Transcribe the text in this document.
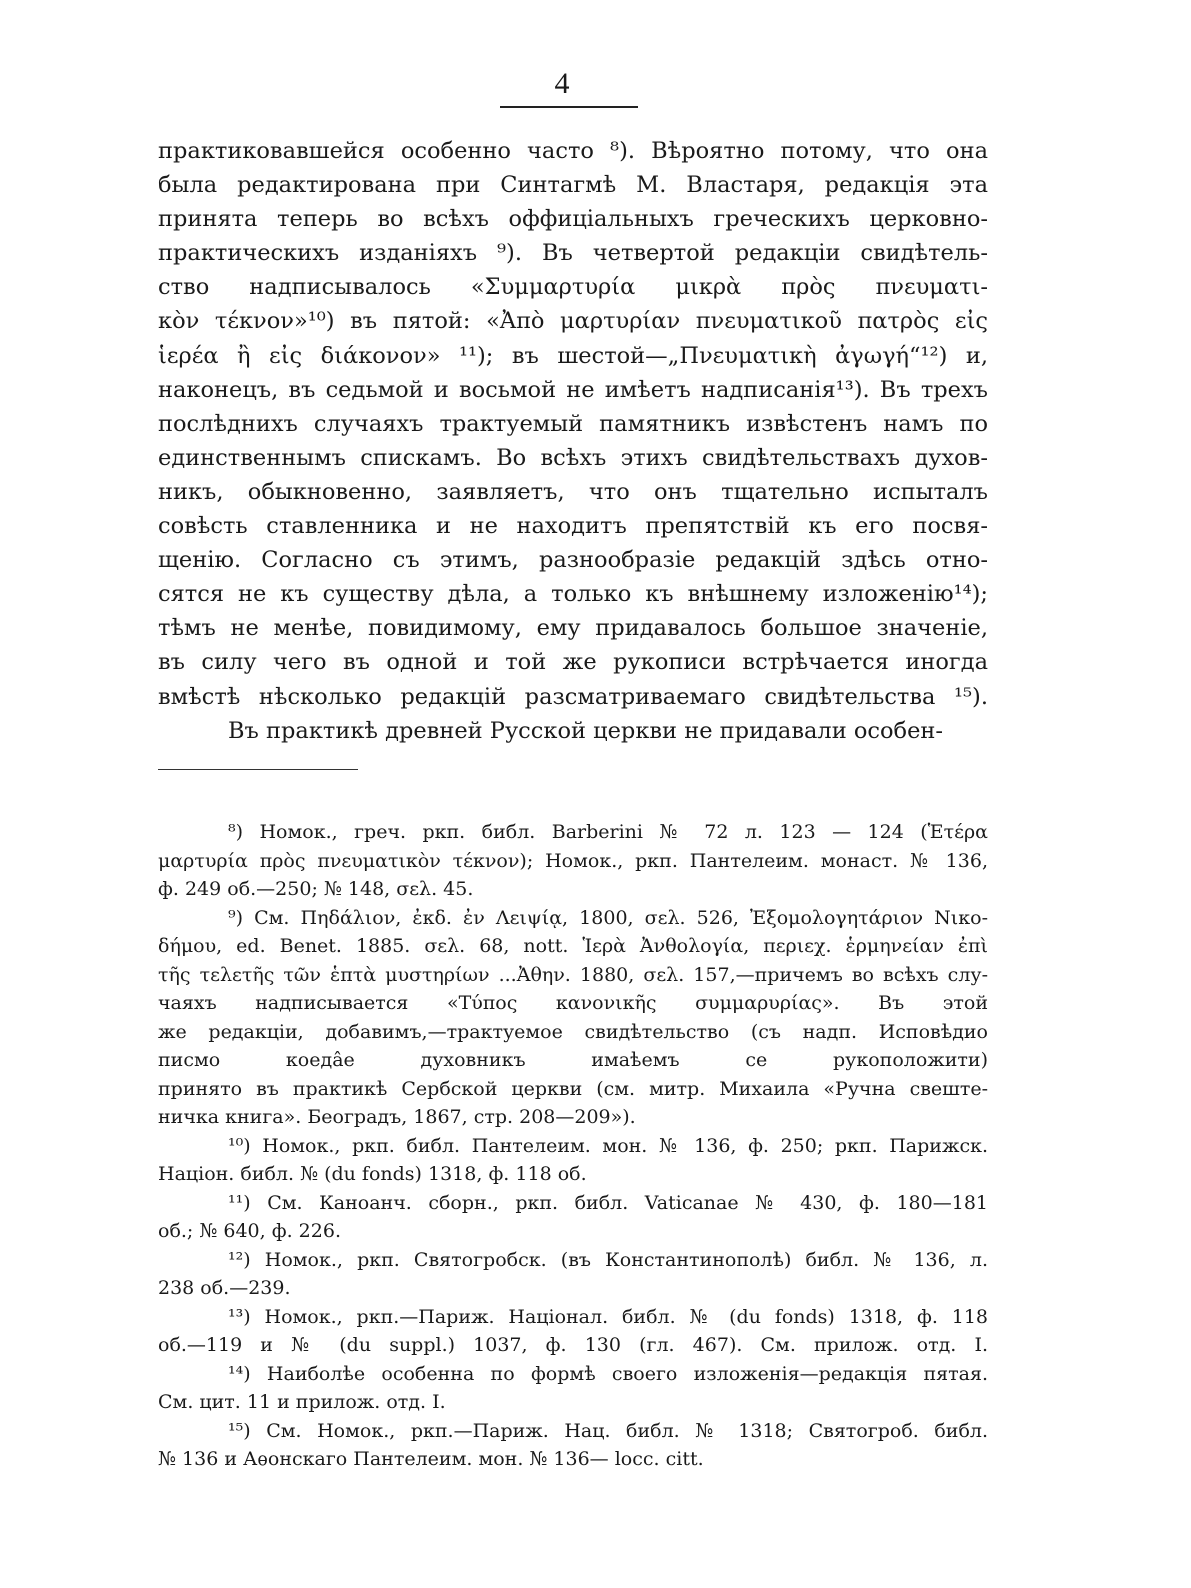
4
практиковавшейся особенно часто ⁸). Вѣроятно потому, что она
была редактирована при Синтагмѣ М. Властаря, редакція эта
принята теперь во всѣхъ оффиціальныхъ греческихъ церковно-
практическихъ изданіяхъ ⁹). Въ четвертой редакціи свидѣтель-
ство надписывалось «Συμμαρτυρία μικρὰ πρὸς πνευματι-
κὸν τέκνον»¹⁰) въ пятой: «Ἀπὸ μαρτυρίαν πνευματικοῦ πατρὸς εἰς
ἱερέα ἢ εἰς διάκονον» ¹¹); въ шестой—„Πνευματικὴ ἀγωγή“¹²) и,
наконецъ, въ седьмой и восьмой не имѣетъ надписанія¹³). Въ трехъ
послѣднихъ случаяхъ трактуемый памятникъ извѣстенъ намъ по
единственнымъ спискамъ. Во всѣхъ этихъ свидѣтельствахъ духов-
никъ, обыкновенно, заявляетъ, что онъ тщательно испыталъ
совѣсть ставленника и не находитъ препятствій къ его посвя-
щенію. Согласно съ этимъ, разнообразіе редакцій здѣсь отно-
сятся не къ существу дѣла, а только къ внѣшнему изложенію¹⁴);
тѣмъ не менѣе, повидимому, ему придавалось большое значеніе,
въ силу чего въ одной и той же рукописи встрѣчается иногда
вмѣстѣ нѣсколько редакцій разсматриваемаго свидѣтельства ¹⁵).
Въ практикѣ древней Русской церкви не придавали особен-
⁸) Номок., греч. ркп. библ. Barberini № 72 л. 123 — 124 (Ἑτέρα
μαρτυρία πρὸς πνευματικὸν τέκνον); Номок., ркп. Пантелеим. монаст. № 136,
ф. 249 об.—250; № 148, σελ. 45.
⁹) См. Πηδάλιον, ἐκδ. ἐν Λειψίᾳ, 1800, σελ. 526, Ἐξομολογητάριον Νικο-
δήμου, ed. Benet. 1885. σελ. 68, nott. Ἱερὰ Ἀνθολογία, περιεχ. ἑρμηνείαν ἐπὶ
τῆς τελετῆς τῶν ἑπτὰ μυστηρίων ...Ἀθην. 1880, σελ. 157,—причемъ во всѣхъ слу-
чаяхъ надписывается «Τύπος κανονικῆς συμμαρυρίας». Въ этой
же редакціи, добавимъ,—трактуемое свидѣтельство (съ надп. Исповѣдио
писмо коеда̂е духовникъ имаѣемъ се рукоположити)
принято въ практикѣ Сербской церкви (см. митр. Михаила «Ручна свеште-
ничка книга». Београдъ, 1867, стр. 208—209»).
¹⁰) Номок., ркп. библ. Пантелеим. мон. № 136, ф. 250; ркп. Парижск.
Націон. библ. № (du fonds) 1318, ф. 118 об.
¹¹) См. Каноанч. сборн., ркп. библ. Vaticanae № 430, ф. 180—181
об.; № 640, ф. 226.
¹²) Номок., ркп. Святогробск. (въ Константинополѣ) библ. № 136, л.
238 об.—239.
¹³) Номок., ркп.—Париж. Націонал. библ. № (du fonds) 1318, ф. 118
об.—119 и № (du suppl.) 1037, ф. 130 (гл. 467). См. прилож. отд. I.
¹⁴) Наиболѣе особенна по формѣ своего изложенія—редакція пятая.
См. цит. 11 и прилож. отд. I.
¹⁵) См. Номок., ркп.—Париж. Нац. библ. № 1318; Святогроб. библ.
№ 136 и Аѳонскаго Пантелеим. мон. № 136— locc. citt.
